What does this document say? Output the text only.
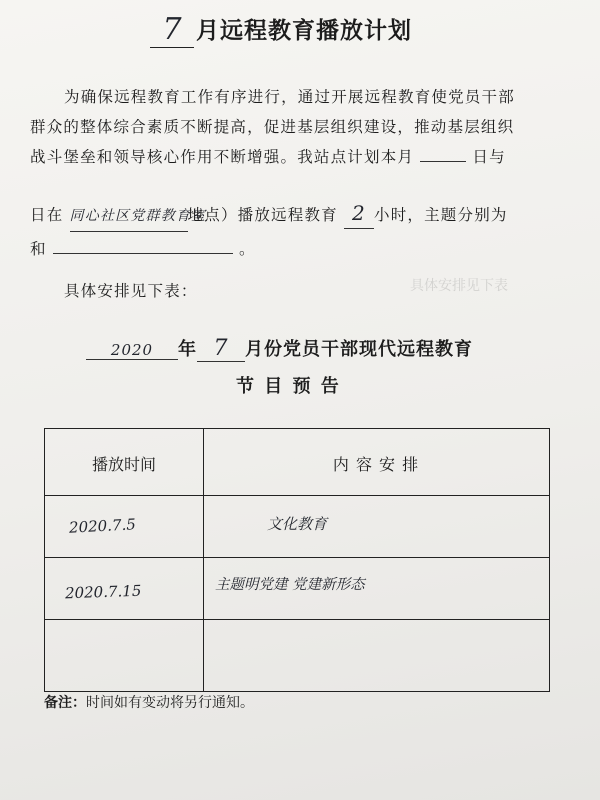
具体安排见下表
7 月远程教育播放计划
为确保远程教育工作有序进行，通过开展远程教育使党员干部
群众的整体综合素质不断提高，促进基层组织建设，推动基层组织
战斗堡垒和领导核心作用不断增强。我站点计划本月	日与
日在 同心社区党群教育室地点）播放远程教育 2 小时，主题分别为
和	。
具体安排见下表：
2020 年 7 月份党员干部现代远程教育
节 目 预 告
播放时间	内 容 安 排
2020.7.5	文化教育
2020.7.15	主题明党建 党建新形态
备注：时间如有变动将另行通知。
